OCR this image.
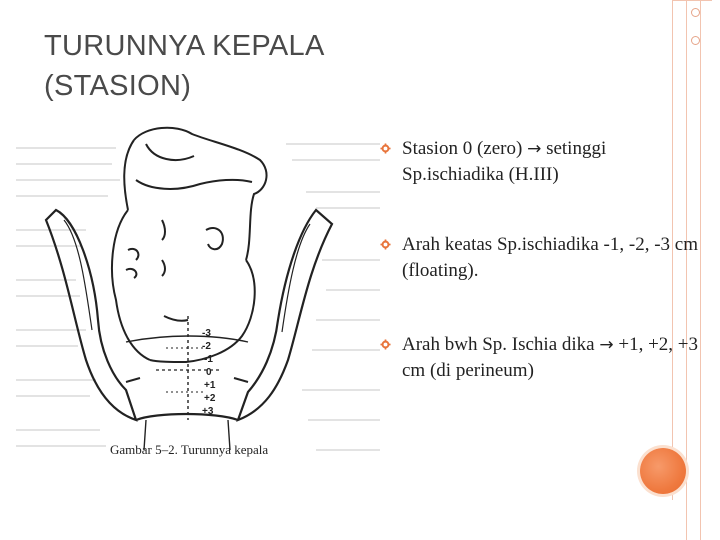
TURUNNYA KEPALA
(STASION)
-3
-2
-1
0
+1
+2
+3
Gambar 5–2. Turunnya kepala
Stasion 0 (zero) → setinggi Sp.ischiadika (H.III)
Arah keatas Sp.ischiadika -1, -2, -3 cm (floating).
Arah bwh Sp. Ischia dika → +1, +2, +3 cm (di perineum)
